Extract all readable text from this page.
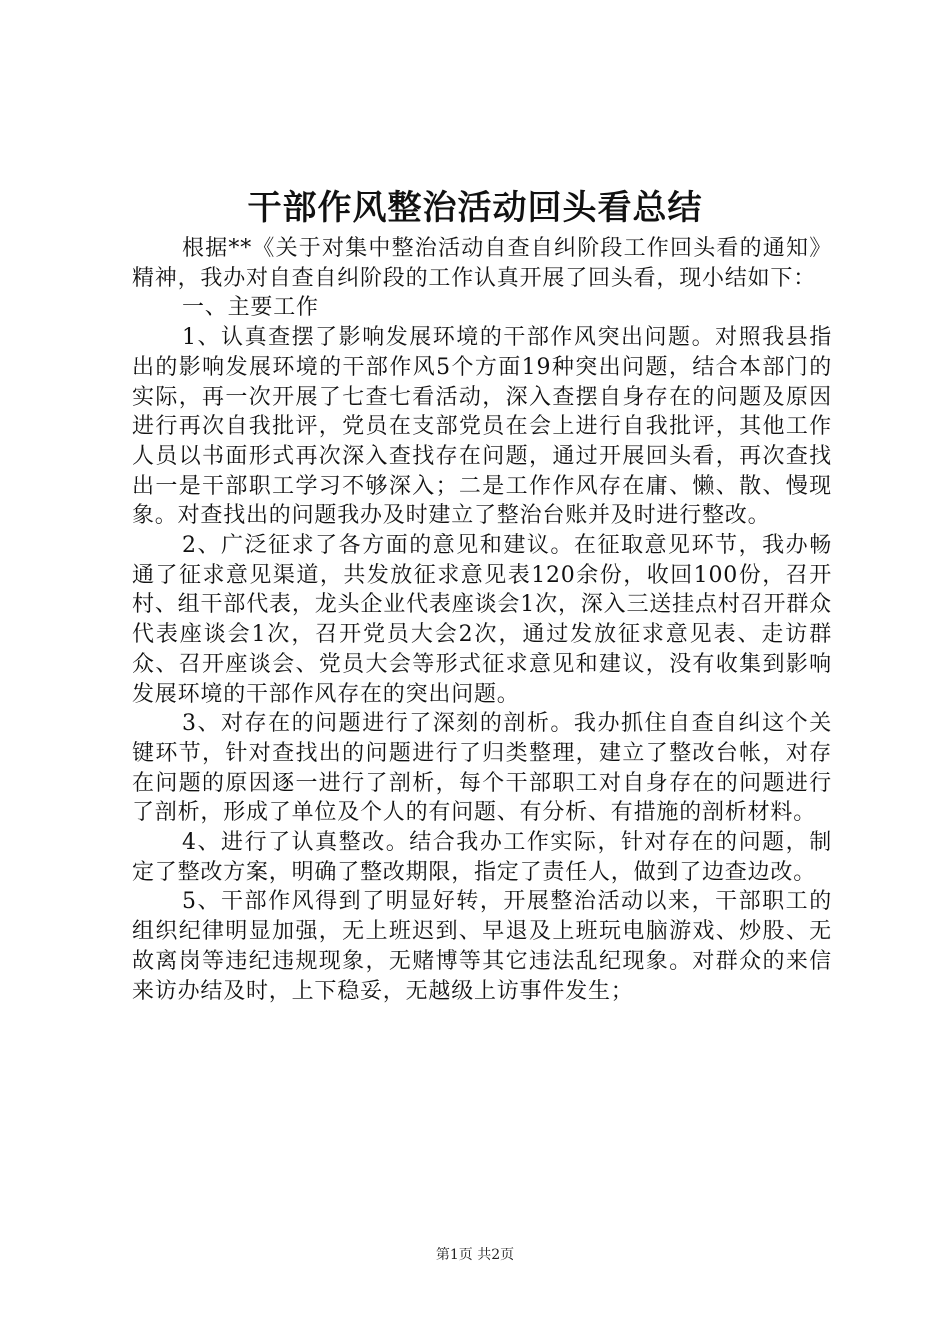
干部作风整治活动回头看总结

根据**《关于对集中整治活动自查自纠阶段工作回头看的通知》精神，我办对自查自纠阶段的工作认真开展了回头看，现小结如下：

一、主要工作

1、认真查摆了影响发展环境的干部作风突出问题。对照我县指出的影响发展环境的干部作风5个方面19种突出问题，结合本部门的实际，再一次开展了七查七看活动，深入查摆自身存在的问题及原因进行再次自我批评，党员在支部党员在会上进行自我批评，其他工作人员以书面形式再次深入查找存在问题，通过开展回头看，再次查找出一是干部职工学习不够深入；二是工作作风存在庸、懒、散、慢现象。对查找出的问题我办及时建立了整治台账并及时进行整改。

2、广泛征求了各方面的意见和建议。在征取意见环节，我办畅通了征求意见渠道，共发放征求意见表120余份，收回100份，召开村、组干部代表，龙头企业代表座谈会1次，深入三送挂点村召开群众代表座谈会1次，召开党员大会2次，通过发放征求意见表、走访群众、召开座谈会、党员大会等形式征求意见和建议，没有收集到影响发展环境的干部作风存在的突出问题。

3、对存在的问题进行了深刻的剖析。我办抓住自查自纠这个关键环节，针对查找出的问题进行了归类整理，建立了整改台帐，对存在问题的原因逐一进行了剖析，每个干部职工对自身存在的问题进行了剖析，形成了单位及个人的有问题、有分析、有措施的剖析材料。

4、进行了认真整改。结合我办工作实际，针对存在的问题，制定了整改方案，明确了整改期限，指定了责任人，做到了边查边改。

5、干部作风得到了明显好转，开展整治活动以来，干部职工的组织纪律明显加强，无上班迟到、早退及上班玩电脑游戏、炒股、无故离岗等违纪违规现象，无赌博等其它违法乱纪现象。对群众的来信来访办结及时，上下稳妥，无越级上访事件发生；

第1页 共2页
